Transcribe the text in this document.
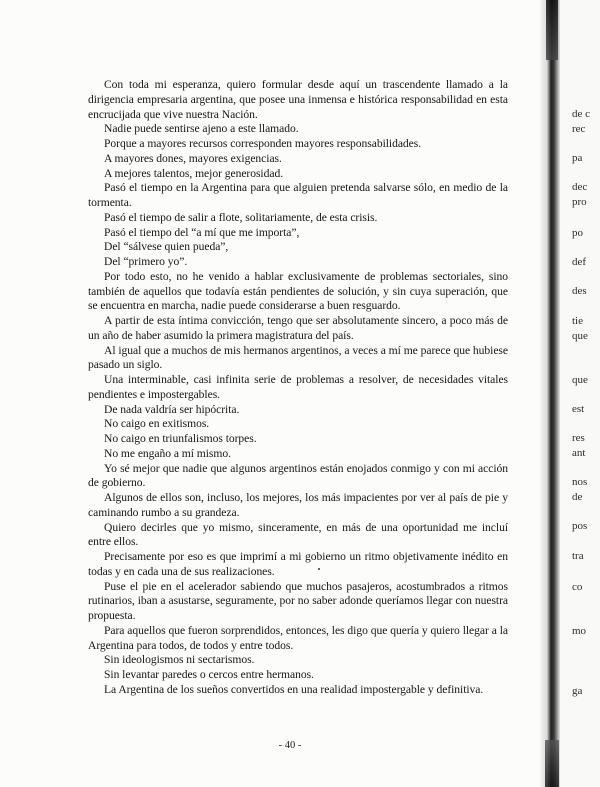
Con toda mi esperanza, quiero formular desde aquí un trascendente llamado a la dirigencia empresaria argentina, que posee una inmensa e histórica responsabilidad en esta encrucijada que vive nuestra Nación.

Nadie puede sentirse ajeno a este llamado.

Porque a mayores recursos corresponden mayores responsabilidades.

A mayores dones, mayores exigencias.

A mejores talentos, mejor generosidad.

Pasó el tiempo en la Argentina para que alguien pretenda salvarse sólo, en medio de la tormenta.

Pasó el tiempo de salir a flote, solitariamente, de esta crisis.

Pasó el tiempo del “a mí que me importa”,

Del “sálvese quien pueda”,

Del “primero yo”.

Por todo esto, no he venido a hablar exclusivamente de problemas sectoriales, sino también de aquellos que todavía están pendientes de solución, y sin cuya superación, que se encuentra en marcha, nadie puede considerarse a buen resguardo.

A partir de esta íntima convicción, tengo que ser absolutamente sincero, a poco más de un año de haber asumido la primera magistratura del país.

Al igual que a muchos de mis hermanos argentinos, a veces a mí me parece que hubiese pasado un siglo.

Una interminable, casi infinita serie de problemas a resolver, de necesidades vitales pendientes e impostergables.

De nada valdría ser hipócrita.

No caigo en exitismos.

No caigo en triunfalismos torpes.

No me engaño a mí mismo.

Yo sé mejor que nadie que algunos argentinos están enojados conmigo y con mi acción de gobierno.

Algunos de ellos son, incluso, los mejores, los más impacientes por ver al país de pie y caminando rumbo a su grandeza.

Quiero decirles que yo mismo, sinceramente, en más de una oportunidad me incluí entre ellos.

Precisamente por eso es que imprimí a mi gobierno un ritmo objetivamente inédito en todas y en cada una de sus realizaciones.

Puse el pie en el acelerador sabiendo que muchos pasajeros, acostumbrados a ritmos rutinarios, iban a asustarse, seguramente, por no saber adonde queríamos llegar con nuestra propuesta.

Para aquellos que fueron sorprendidos, entonces, les digo que quería y quiero llegar a la Argentina para todos, de todos y entre todos.

Sin ideologismos ni sectarismos.

Sin levantar paredes o cercos entre hermanos.

La Argentina de los sueños convertidos en una realidad impostergable y definitiva.

- 40 -
de c
rec
pa
dec
pro
po
def
des
tie
que
que
est
res
ant
nos
de
pos
tra
co
mo
ga
